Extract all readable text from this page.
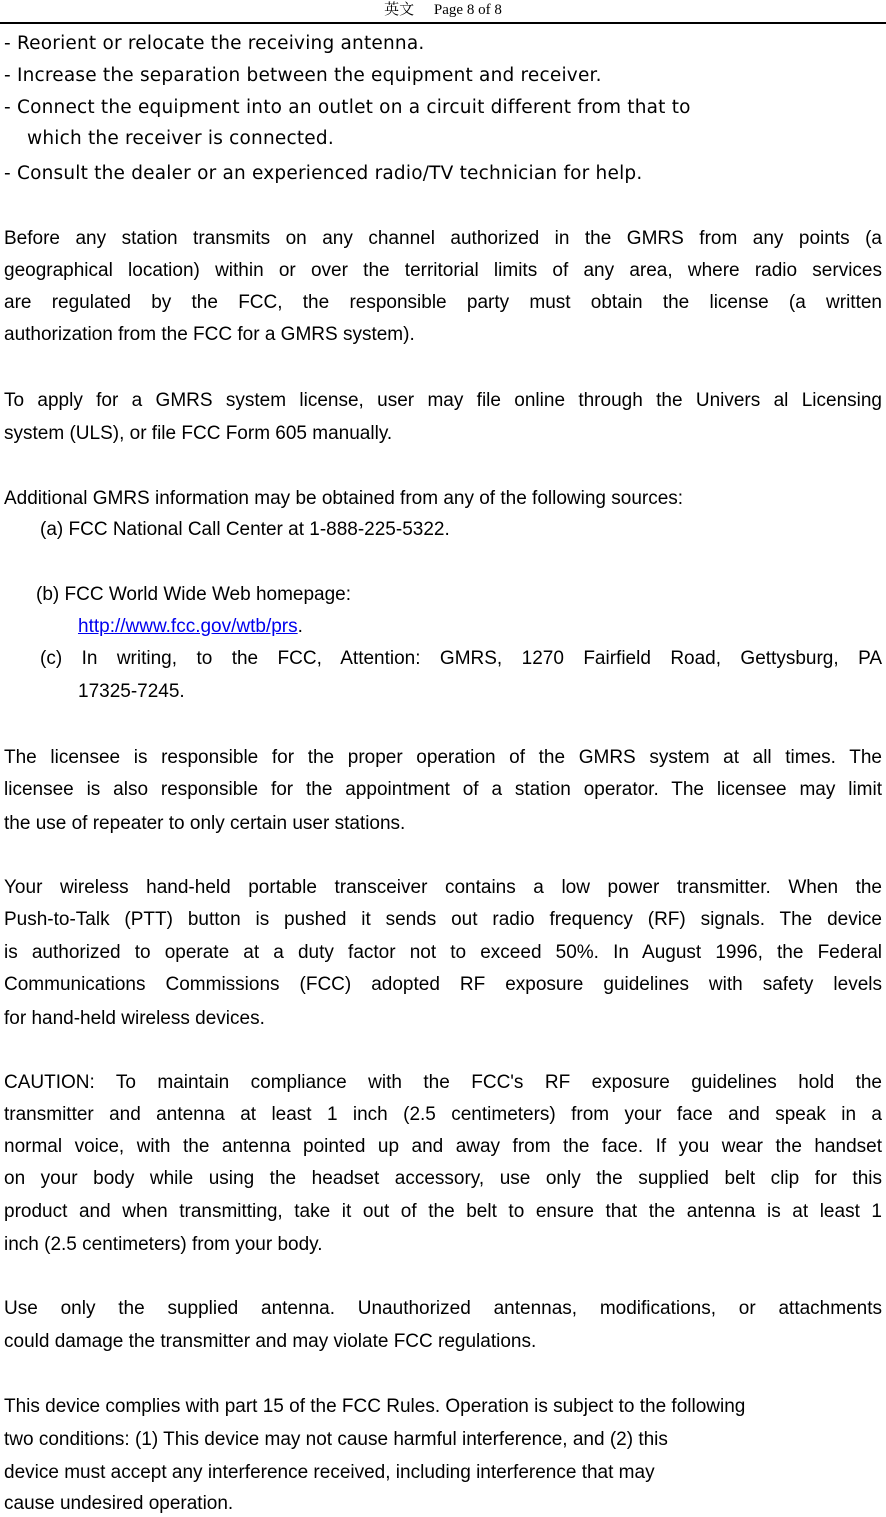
英文 Page 8 of 8
- Reorient or relocate the receiving antenna.
- Increase the separation between the equipment and receiver.
- Connect the equipment into an outlet on a circuit different from that to
which the receiver is connected.
- Consult the dealer or an experienced radio/TV technician for help.
Before any station transmits on any channel authorized in the GMRS from any points (a
geographical location) within or over the territorial limits of any area, where radio services
are regulated by the FCC, the responsible party must obtain the license (a written
authorization from the FCC for a GMRS system).
To apply for a GMRS system license, user may file online through the Univers al Licensing
system (ULS), or file FCC Form 605 manually.
Additional GMRS information may be obtained from any of the following sources:
(a) FCC National Call Center at 1-888-225-5322.
(b) FCC World Wide Web homepage:
http://www.fcc.gov/wtb/prs.
(c) In writing, to the FCC, Attention: GMRS, 1270 Fairfield Road, Gettysburg, PA
17325-7245.
The licensee is responsible for the proper operation of the GMRS system at all times. The
licensee is also responsible for the appointment of a station operator. The licensee may limit
the use of repeater to only certain user stations.
Your wireless hand-held portable transceiver contains a low power transmitter. When the
Push-to-Talk (PTT) button is pushed it sends out radio frequency (RF) signals. The device
is authorized to operate at a duty factor not to exceed 50%. In August 1996, the Federal
Communications Commissions (FCC) adopted RF exposure guidelines with safety levels
for hand-held wireless devices.
CAUTION: To maintain compliance with the FCC's RF exposure guidelines hold the
transmitter and antenna at least 1 inch (2.5 centimeters) from your face and speak in a
normal voice, with the antenna pointed up and away from the face. If you wear the handset
on your body while using the headset accessory, use only the supplied belt clip for this
product and when transmitting, take it out of the belt to ensure that the antenna is at least 1
inch (2.5 centimeters) from your body.
Use only the supplied antenna. Unauthorized antennas, modifications, or attachments
could damage the transmitter and may violate FCC regulations.
This device complies with part 15 of the FCC Rules. Operation is subject to the following
two conditions: (1) This device may not cause harmful interference, and (2) this
device must accept any interference received, including interference that may
cause undesired operation.
